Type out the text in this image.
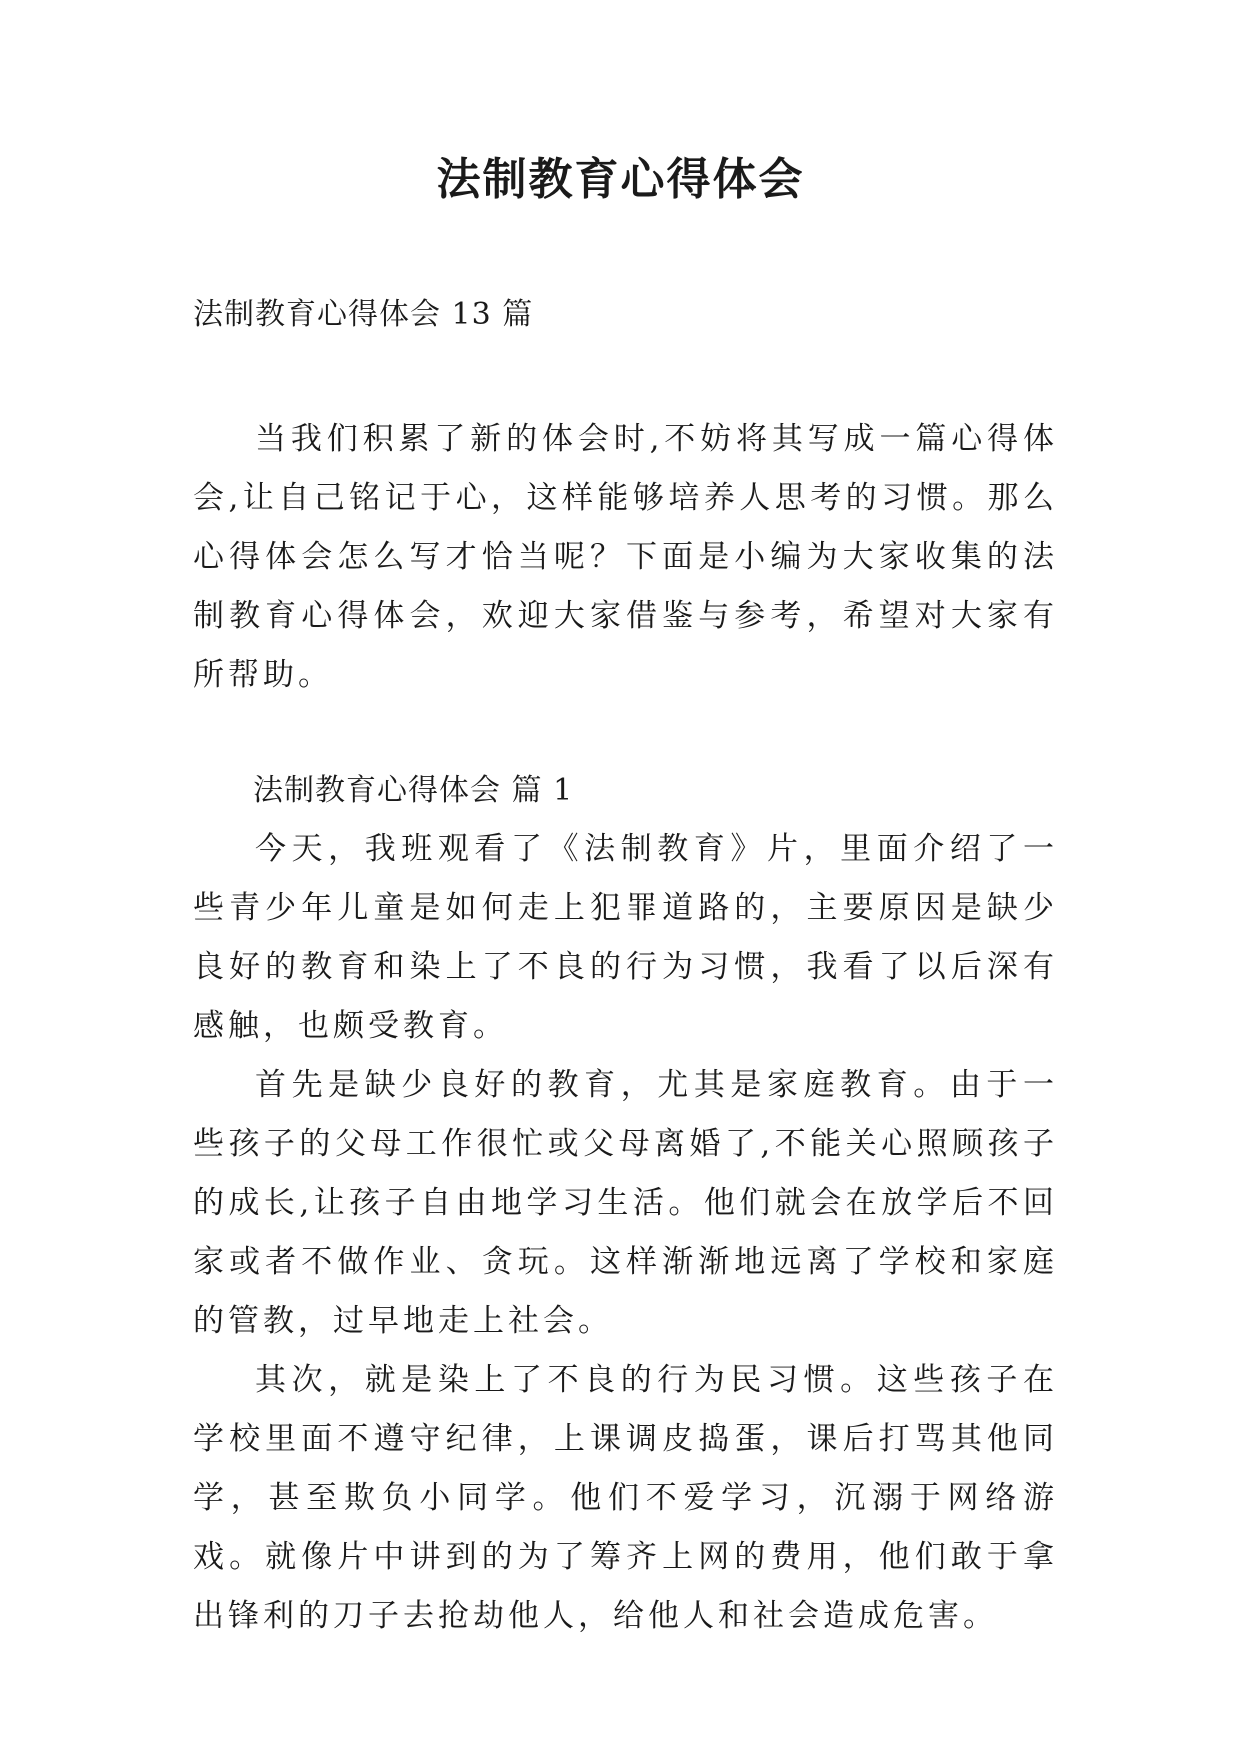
法制教育心得体会
法制教育心得体会 13 篇

当我们积累了新的体会时,不妨将其写成一篇心得体会,让自己铭记于心，这样能够培养人思考的习惯。那么心得体会怎么写才恰当呢？下面是小编为大家收集的法制教育心得体会，欢迎大家借鉴与参考，希望对大家有所帮助。

法制教育心得体会 篇 1

今天，我班观看了《法制教育》片，里面介绍了一些青少年儿童是如何走上犯罪道路的，主要原因是缺少良好的教育和染上了不良的行为习惯，我看了以后深有感触，也颇受教育。

首先是缺少良好的教育，尤其是家庭教育。由于一些孩子的父母工作很忙或父母离婚了,不能关心照顾孩子的成长,让孩子自由地学习生活。他们就会在放学后不回家或者不做作业、贪玩。这样渐渐地远离了学校和家庭的管教，过早地走上社会。

其次，就是染上了不良的行为民习惯。这些孩子在学校里面不遵守纪律，上课调皮捣蛋，课后打骂其他同学，甚至欺负小同学。他们不爱学习，沉溺于网络游戏。就像片中讲到的为了筹齐上网的费用，他们敢于拿出锋利的刀子去抢劫他人，给他人和社会造成危害。
